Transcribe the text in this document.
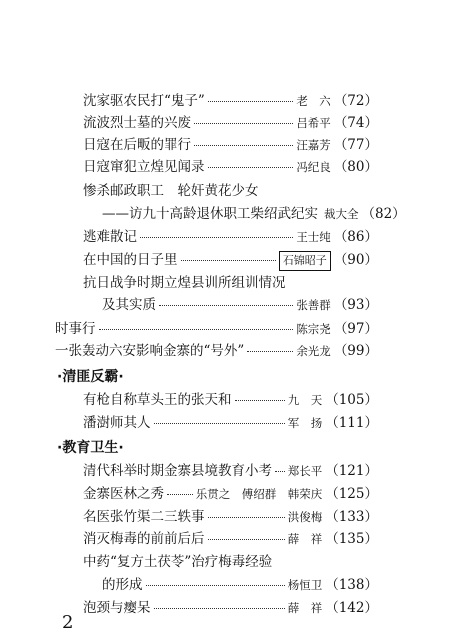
沈家驱农民打“鬼子”	老　六 （72）
流波烈士墓的兴废	吕希平 （74）
日寇在后畈的罪行	汪嘉芳 （77）
日寇窜犯立煌见闻录	冯纪良 （80）
惨杀邮政职工　轮奸黄花少女
——访九十高龄退休职工柴绍武纪实 裁大全 （82）
逃难散记	王士纯 （86）
在中国的日子里	石锦昭子 （90）
抗日战争时期立煌县训所组训情况
及其实质	张善群 （93）
时事行	陈宗尧 （97）
一张轰动六安影响金寨的“号外”	余光龙 （99）
·清匪反霸·
有枪自称草头王的张天和	九　天 （105）
潘澍师其人	军　扬 （111）
·教育卫生·
清代科举时期金寨县境教育小考 郑长平 （121）
金寨医林之秀	乐贯之　傅绍群　韩荣庆 （125）
名医张竹渠二三轶事	洪俊梅 （133）
消灭梅毒的前前后后	薛　祥 （135）
中药“复方土茯苓”治疗梅毒经验
的形成	杨恒卫 （138）
泡颈与瘿呆	薛　祥 （142）
2
